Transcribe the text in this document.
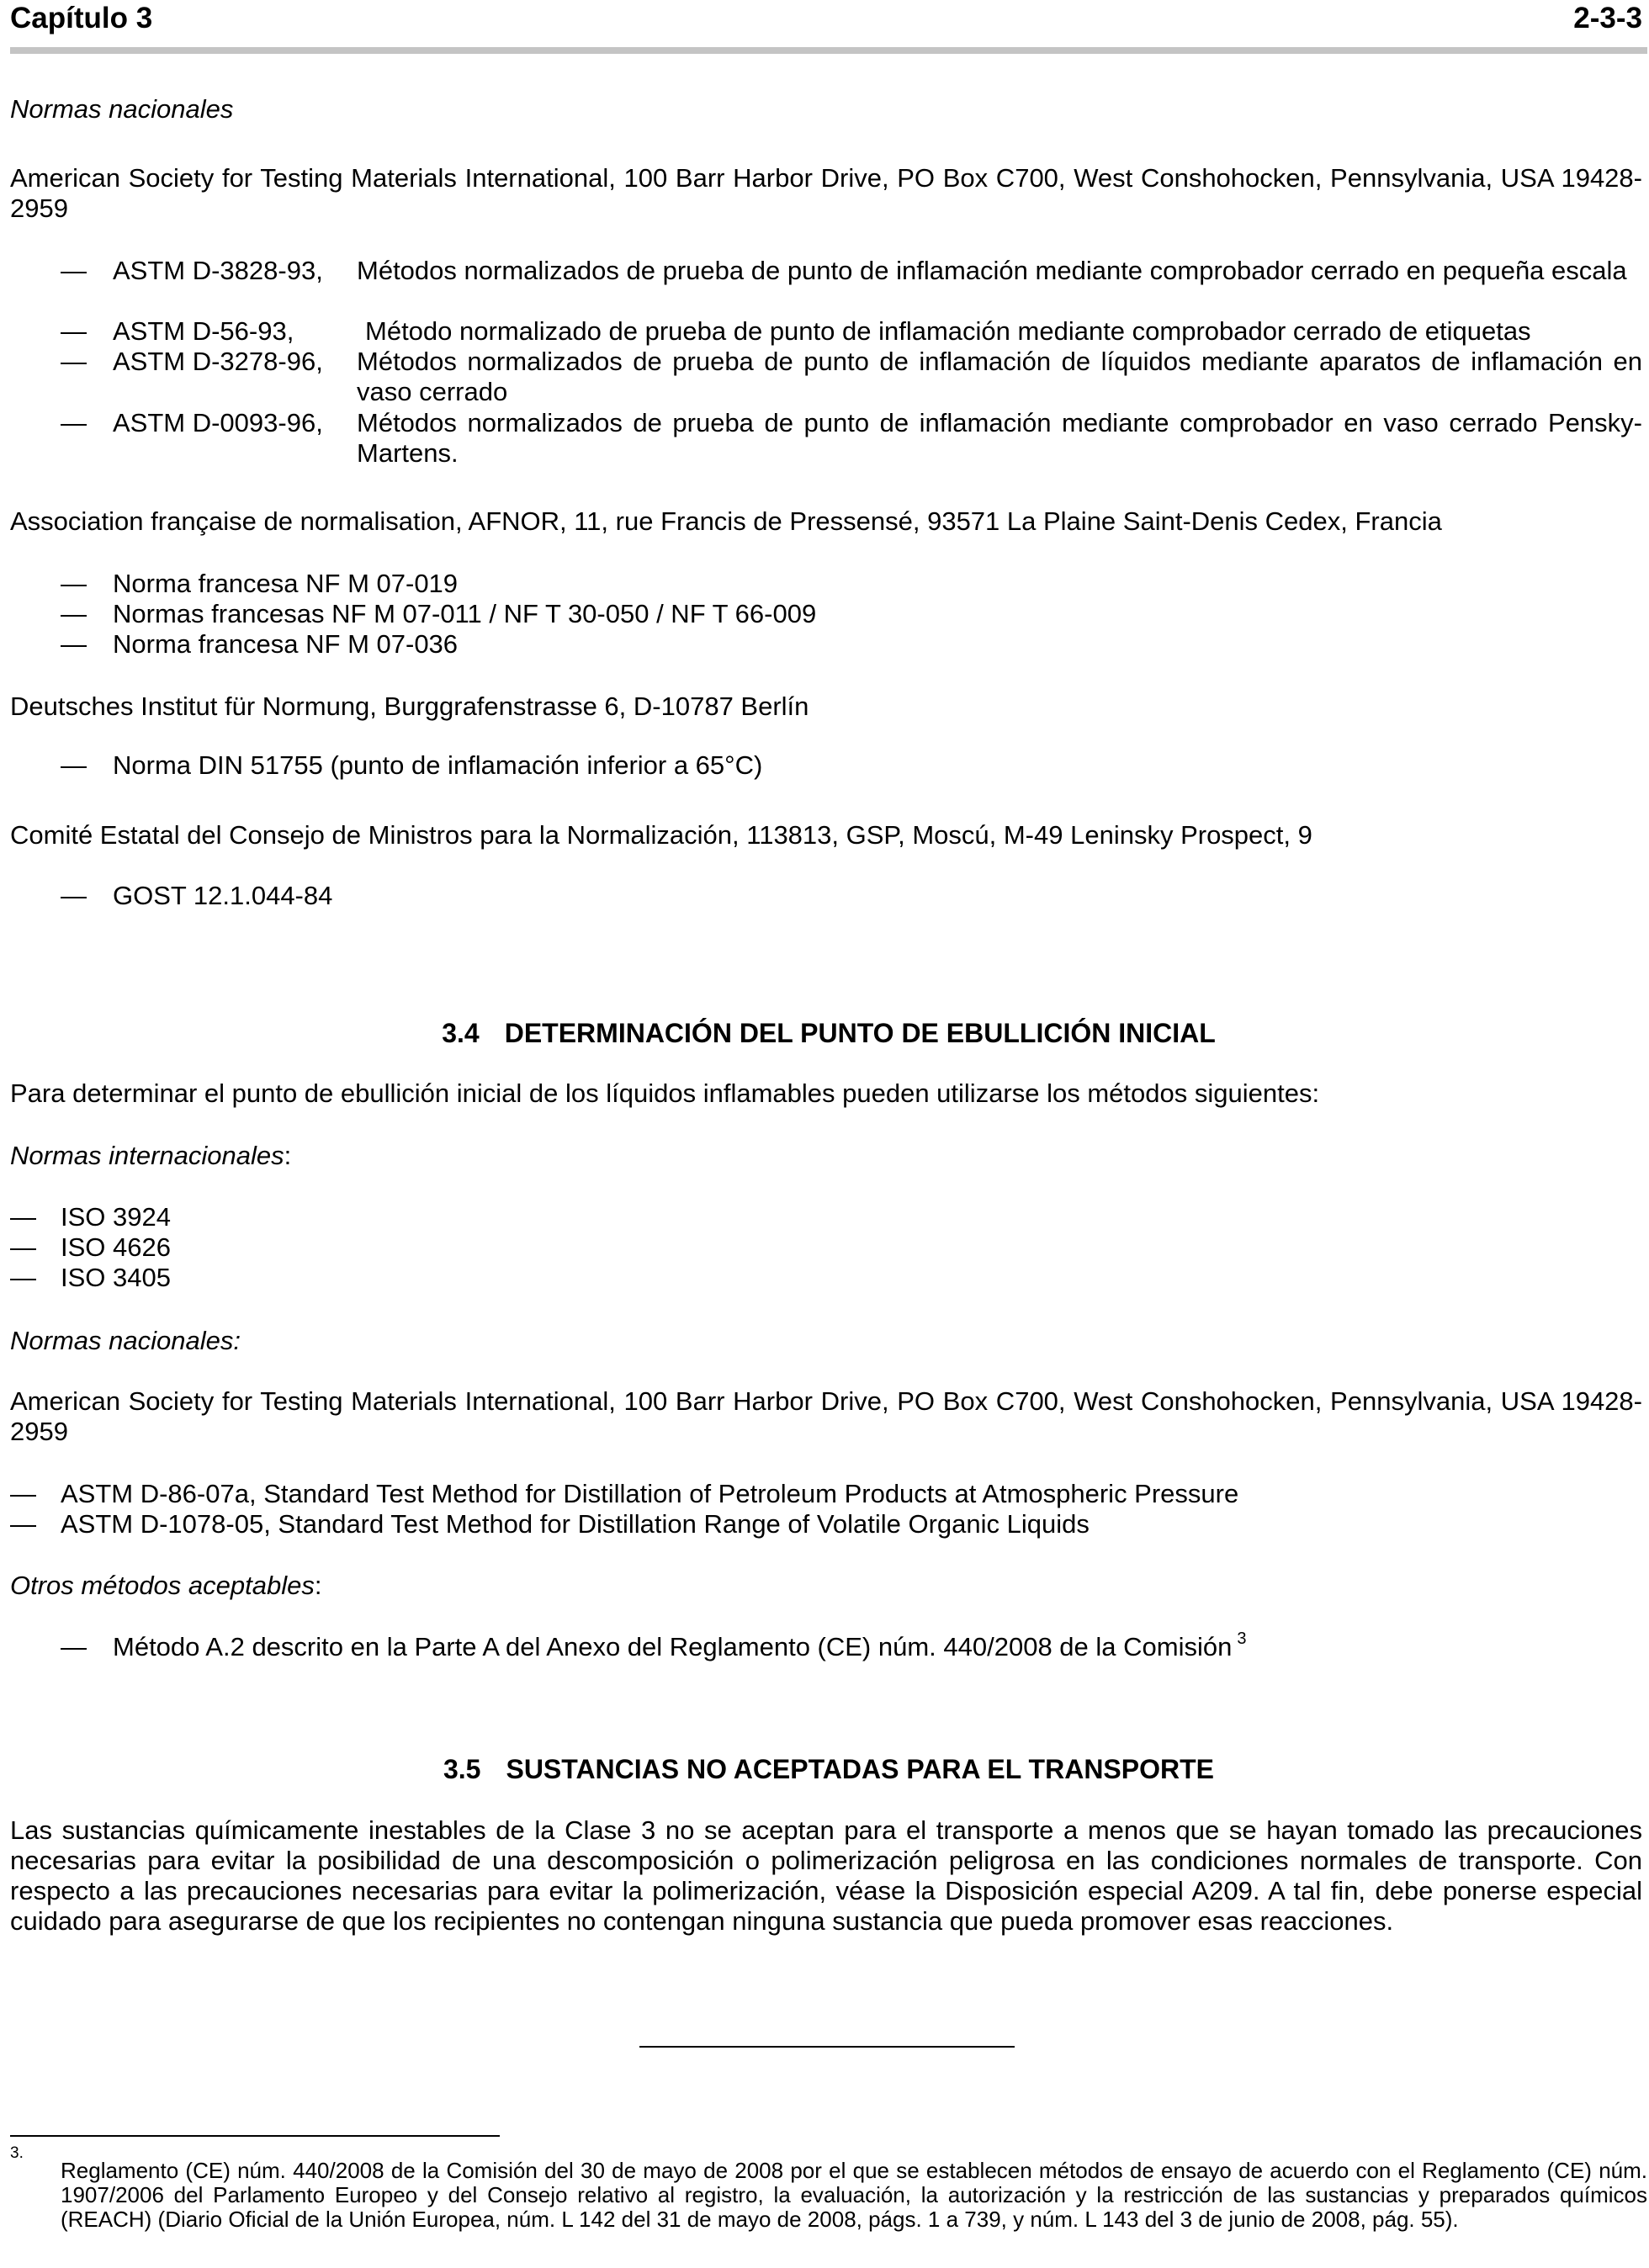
Capítulo 3	2-3-3
Normas nacionales
American Society for Testing Materials International, 100 Barr Harbor Drive, PO Box C700, West Conshohocken, Pennsylvania, USA 19428-2959
— ASTM D-3828-93, Métodos normalizados de prueba de punto de inflamación mediante comprobador cerrado en pequeña escala
— ASTM D-56-93,	Método normalizado de prueba de punto de inflamación mediante comprobador cerrado de etiquetas
— ASTM D-3278-96, Métodos normalizados de prueba de punto de inflamación de líquidos mediante aparatos de inflamación en vaso cerrado
— ASTM D-0093-96, Métodos normalizados de prueba de punto de inflamación mediante comprobador en vaso cerrado Pensky-Martens.
Association française de normalisation, AFNOR, 11, rue Francis de Pressensé, 93571 La Plaine Saint-Denis Cedex, Francia
— Norma francesa NF M 07-019
— Normas francesas NF M 07-011 / NF T 30-050 / NF T 66-009
— Norma francesa NF M 07-036
Deutsches Institut für Normung, Burggrafenstrasse 6, D-10787 Berlín
— Norma DIN 51755 (punto de inflamación inferior a 65°C)
Comité Estatal del Consejo de Ministros para la Normalización, 113813, GSP, Moscú, M-49 Leninsky Prospect, 9
— GOST 12.1.044-84
3.4 DETERMINACIÓN DEL PUNTO DE EBULLICIÓN INICIAL
Para determinar el punto de ebullición inicial de los líquidos inflamables pueden utilizarse los métodos siguientes:
Normas internacionales:
— ISO 3924
— ISO 4626
— ISO 3405
Normas nacionales:
American Society for Testing Materials International, 100 Barr Harbor Drive, PO Box C700, West Conshohocken, Pennsylvania, USA 19428-2959
— ASTM D-86-07a, Standard Test Method for Distillation of Petroleum Products at Atmospheric Pressure
— ASTM D-1078-05, Standard Test Method for Distillation Range of Volatile Organic Liquids
Otros métodos aceptables:
— Método A.2 descrito en la Parte A del Anexo del Reglamento (CE) núm. 440/2008 de la Comisión $^3$
3.5 SUSTANCIAS NO ACEPTADAS PARA EL TRANSPORTE
Las sustancias químicamente inestables de la Clase 3 no se aceptan para el transporte a menos que se hayan tomado las precauciones necesarias para evitar la posibilidad de una descomposición o polimerización peligrosa en las condiciones normales de transporte. Con respecto a las precauciones necesarias para evitar la polimerización, véase la Disposición especial A209. A tal fin, debe ponerse especial cuidado para asegurarse de que los recipientes no contengan ninguna sustancia que pueda promover esas reacciones.
3.
Reglamento (CE) núm. 440/2008 de la Comisión del 30 de mayo de 2008 por el que se establecen métodos de ensayo de acuerdo con el Reglamento (CE) núm. 1907/2006 del Parlamento Europeo y del Consejo relativo al registro, la evaluación, la autorización y la restricción de las sustancias y preparados químicos (REACH) (Diario Oficial de la Unión Europea, núm. L 142 del 31 de mayo de 2008, págs. 1 a 739, y núm. L 143 del 3 de junio de 2008, pág. 55).
